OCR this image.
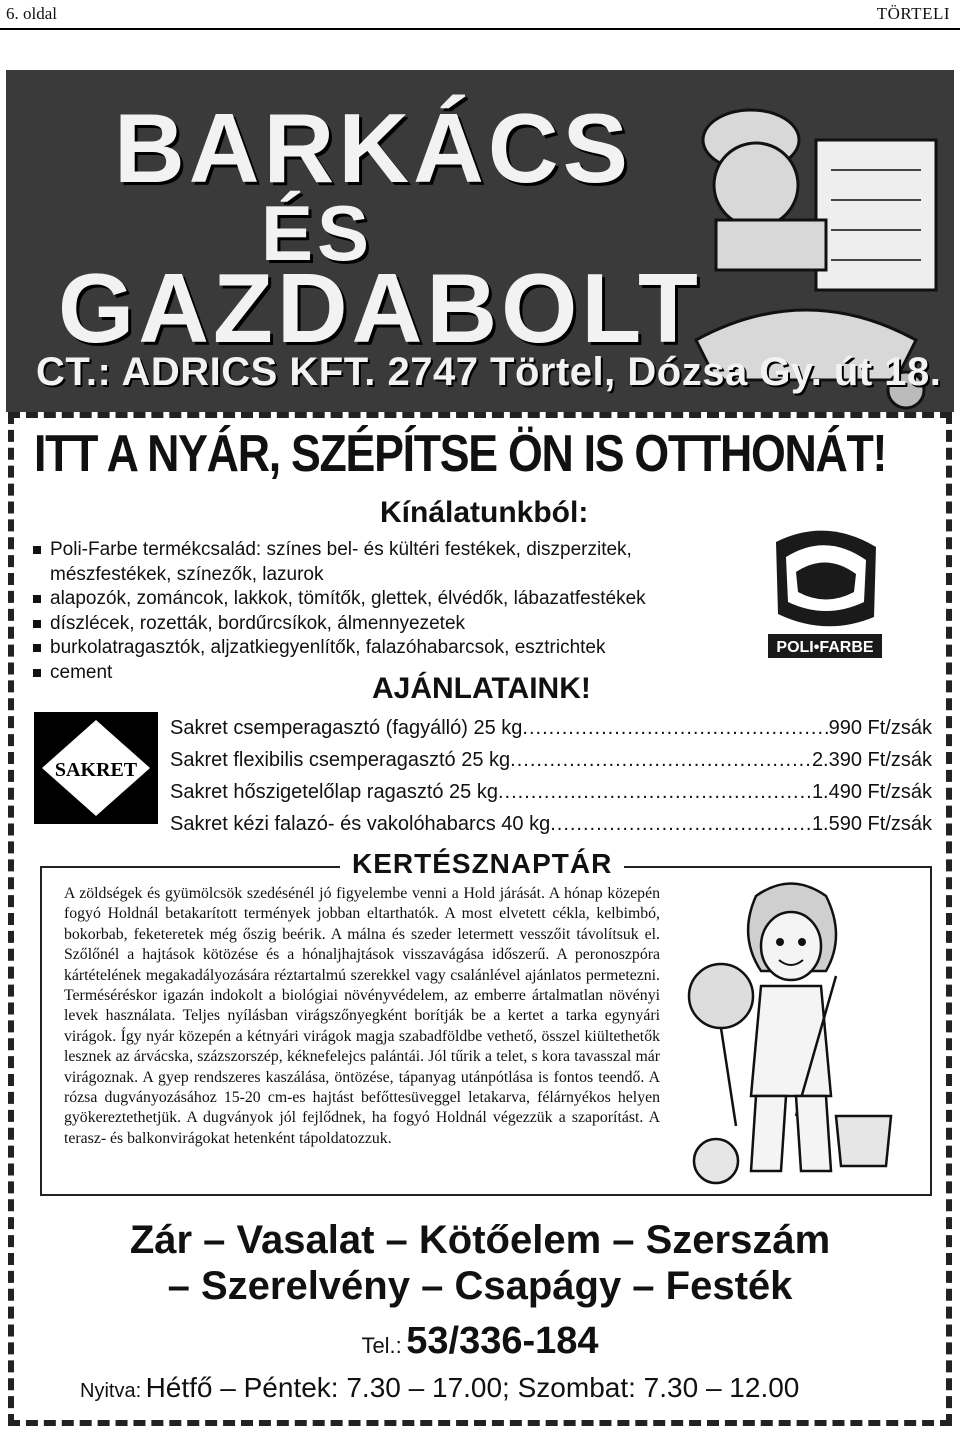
6. oldal	TÖRTELI
BARKÁCS
ÉS
GAZDABOLT
CT.: ADRICS KFT. 2747 Törtel, Dózsa Gy. út 18.
ITT A NYÁR, SZÉPÍTSE ÖN IS OTTHONÁT!
Kínálatunkból:
Poli-Farbe termékcsalád: színes bel- és kültéri festékek, diszperzitek,
mészfestékek, színezők, lazurok
alapozók, zománcok, lakkok, tömítők, glettek, élvédők, lábazatfestékek
díszlécek, rozetták, bordűrcsíkok, álmennyezetek
burkolatragasztók, aljzatkiegyenlítők, falazóhabarcsok, esztrichtek
cement
POLI•FARBE
AJÁNLATAINK!
SAKRET
Sakret csemperagasztó (fagyálló) 25 kg .....	990 Ft/zsák
Sakret flexibilis csemperagasztó 25 kg .....	2.390 Ft/zsák
Sakret hőszigetelőlap ragasztó 25 kg .....	1.490 Ft/zsák
Sakret kézi falazó- és vakolóhabarcs 40 kg .....	1.590 Ft/zsák
KERTÉSZNAPTÁR
A zöldségek és gyümölcsök szedésénél jó figyelembe venni a Hold járását. A hónap közepén fogyó Holdnál betakarított termények jobban eltarthatók. A most elvetett cékla, kelbimbó, bokorbab, feketeretek még őszig beérik. A málna és szeder letermett vesszőit távolítsuk el. Szőlőnél a hajtások kötözése és a hónaljhajtások visszavágása időszerű. A peronoszpóra kártételének megakadályozására réztartalmú szerekkel vagy csalánlével ajánlatos permetezni. Terméséréskor igazán indokolt a biológiai növényvédelem, az emberre ártalmatlan növényi levek használata. Teljes nyílásban virágszőnyegként borítják be a kertet a tarka egynyári virágok. Így nyár közepén a kétnyári virágok magja szabadföldbe vethető, összel kiültethetők lesznek az árvácska, százszorszép, kéknefelejcs palántái. Jól tűrik a telet, s kora tavasszal már virágoznak. A gyep rendszeres kaszálása, öntözése, tápanyag utánpótlása is fontos teendő. A rózsa dugványozásához 15-20 cm-es hajtást befőttesüveggel letakarva, félárnyékos helyen gyökereztethetjük. A dugványok jól fejlődnek, ha fogyó Holdnál végezzük a szaporítást. A terasz- és balkonvirágokat hetenként tápoldatozzuk.
Zár – Vasalat – Kötőelem – Szerszám
– Szerelvény – Csapágy – Festék
Tel.: 53/336-184
Nyitva: Hétfő – Péntek: 7.30 – 17.00; Szombat: 7.30 – 12.00
